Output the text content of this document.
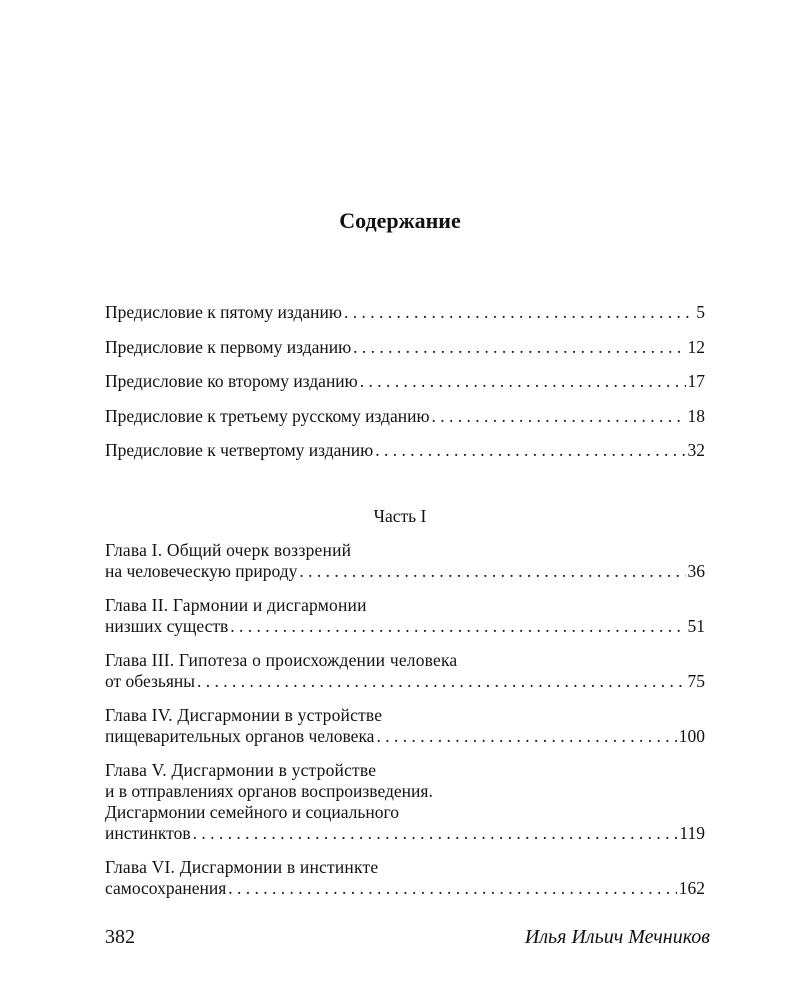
Содержание
Предисловие к пятому изданию . . .	5
Предисловие к первому изданию . . .	12
Предисловие ко второму изданию . . .	17
Предисловие к третьему русскому изданию . . .	18
Предисловие к четвертому изданию . . .	32
Часть I
Глава I. Общий очерк воззрений
на человеческую природу . . .	36
Глава II. Гармонии и дисгармонии
низших существ . . .	51
Глава III. Гипотеза о происхождении человека
от обезьяны . . .	75
Глава IV. Дисгармонии в устройстве
пищеварительных органов человека . . .	100
Глава V. Дисгармонии в устройстве
и в отправлениях органов воспроизведения.
Дисгармонии семейного и социального
инстинктов . . .	119
Глава VI. Дисгармонии в инстинкте
самосохранения . . .	162
382	Илья Ильич Мечников
